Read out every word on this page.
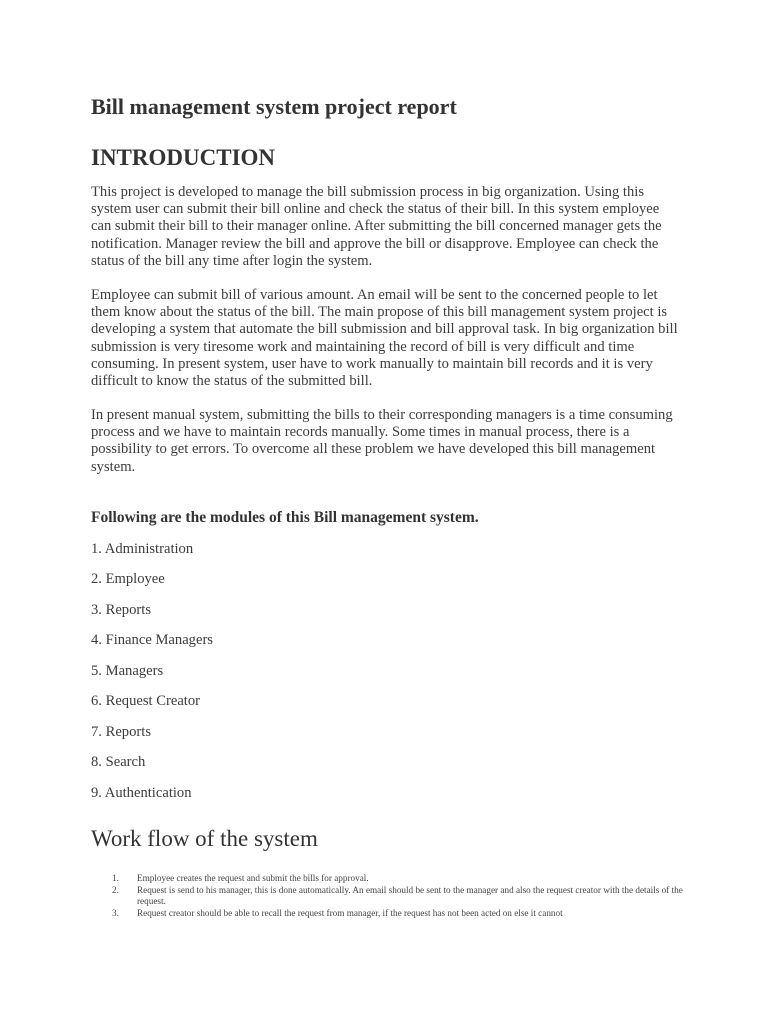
Bill management system project report
INTRODUCTION

This project is developed to manage the bill submission process in big organization. Using this system user can submit their bill online and check the status of their bill. In this system employee can submit their bill to their manager online. After submitting the bill concerned manager gets the notification. Manager review the bill and approve the bill or disapprove. Employee can check the status of the bill any time after login the system.

Employee can submit bill of various amount. An email will be sent to the concerned people to let them know about the status of the bill. The main propose of this bill management system project is developing a system that automate the bill submission and bill approval task. In big organization bill submission is very tiresome work and maintaining the record of bill is very difficult and time consuming. In present system, user have to work manually to maintain bill records and it is very difficult to know the status of the submitted bill.

In present manual system, submitting the bills to their corresponding managers is a time consuming process and we have to maintain records manually. Some times in manual process, there is a possibility to get errors. To overcome all these problem we have developed this bill management system.

Following are the modules of this Bill management system.

1. Administration

2. Employee

3. Reports

4. Finance Managers

5. Managers

6. Request Creator

7. Reports

8. Search

9. Authentication

Work flow of the system
1.	Employee creates the request and submit the bills for approval.
2.	Request is send to his manager, this is done automatically. An email should be sent to the manager and also the request creator with the details of the request.
3.	Request creator should be able to recall the request from manager, if the request has not been acted on else it cannot
